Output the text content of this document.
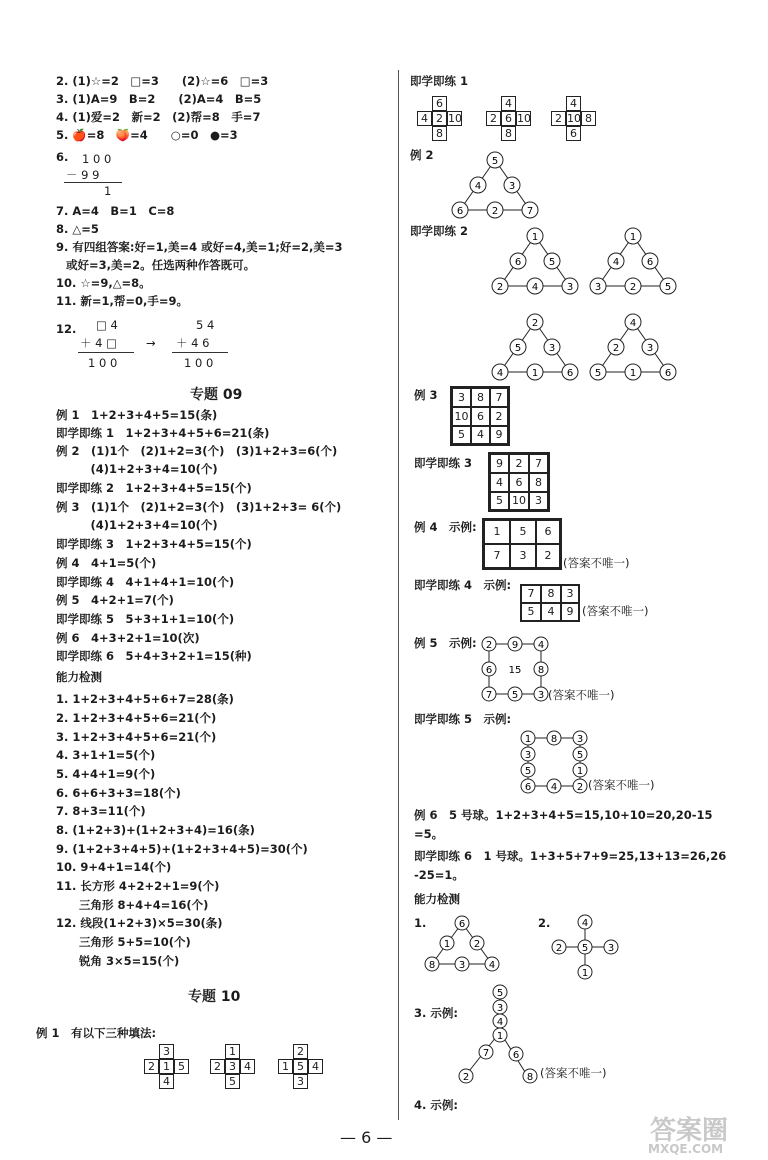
2. (1)☆=2　□=3　　(2)☆=6　□=3
3. (1)A=9　B=2　　(2)A=4　B=5
4. (1)爱=2　新=2　(2)帮=8　手=7
5. 🍎=8　🍑=4　　○=0　●=3
6. 1 0 0
－ 9 9
1
7. A=4　B=1　C=8
8. △=5
9. 有四组答案:好=1,美=4 或好=4,美=1;好=2,美=3
或好=3,美=2。任选两种作答既可。
10. ☆=9,△=8。
11. 新=1,帮=0,手=9。
12. □ 4
＋ 4 □
1 0 0
→
5 4
＋ 4 6
1 0 0
专题 09
例 1　1+2+3+4+5=15(条)
即学即练 1　1+2+3+4+5+6=21(条)
例 2　(1)1个　(2)1+2=3(个)　(3)1+2+3=6(个)
　　　(4)1+2+3+4=10(个)
即学即练 2　1+2+3+4+5=15(个)
例 3　(1)1个　(2)1+2=3(个)　(3)1+2+3= 6(个)
　　　(4)1+2+3+4=10(个)
即学即练 3　1+2+3+4+5=15(个)
例 4　4+1=5(个)
即学即练 4　4+1+4+1=10(个)
例 5　4+2+1=7(个)
即学即练 5　5+3+1+1=10(个)
例 6　4+3+2+1=10(次)
即学即练 6　5+4+3+2+1=15(种)
能力检测
1. 1+2+3+4+5+6+7=28(条)
2. 1+2+3+4+5+6=21(个)
3. 1+2+3+4+5+6=21(个)
4. 3+1+1=5(个)
5. 4+4+1=9(个)
6. 6+6+3+3=18(个)
7. 8+3=11(个)
8. (1+2+3)+(1+2+3+4)=16(条)
9. (1+2+3+4+5)+(1+2+3+4+5)=30(个)
10. 9+4+1=14(个)
11. 长方形 4+2+2+1=9(个)
　　三角形 8+4+4=16(个)
12. 线段(1+2+3)×5=30(条)
　　三角形 5+5=10(个)
　　锐角 3×5=15(个)
专题 10
例 1　有以下三种填法:
3
2 1 5
4
1
2 3 4
5
2
1 5 4
3
即学即练 1
6
4 2 10
8
4
2 6 10
8
4
2 10 8
6
例 2	5
4	3
6	2	7
即学即练 2	1
6	5
2	4	3
1
4	6
3	2	5
2
5	3
4	1	6
4
2	3
5	1	6
例 3	3	8	7
10 6	2
5	4	9
即学即练 3	9	2	7
4	6	8
5 10 3
例 4　示例:	1	5	6
7	3	2
(答案不唯一)
即学即练 4　示例:
7	8	3
5	4	9 (答案不唯一)
例 5　示例: 2 9 4
6	8
7 5 3
15
(答案不唯一)
即学即练 5　示例:
1 8 3
3	5
5	1
6 4 2 (答案不唯一)
例 6　5 号球。1+2+3+4+5=15,10+10=20,20-15
=5。
即学即练 6　1 号球。1+3+5+7+9=25,13+13=26,26
-25=1。
能力检测
1.	6
1 2
8 3 4
2.	4
2 5 3
1
3. 示例:
5
3
4
1
7
2
6
8 (答案不唯一)
4. 示例:
— 6 —	答案圈
MXQE.COM
